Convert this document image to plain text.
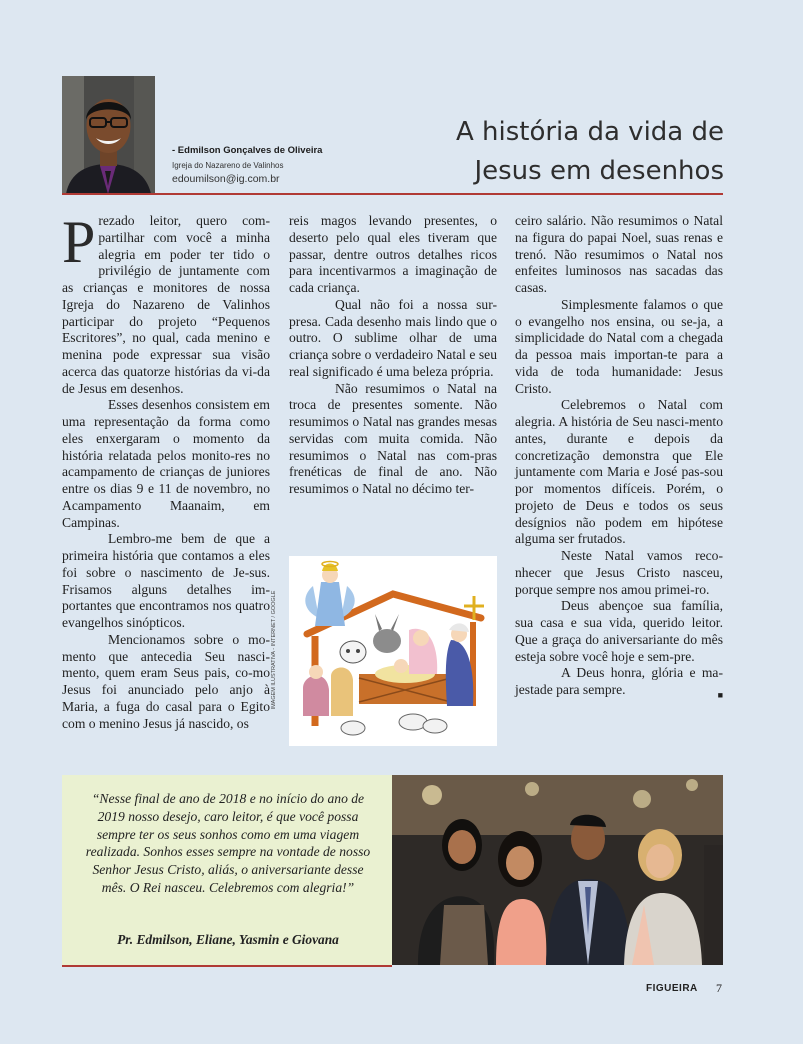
- Edmilson Gonçalves de Oliveira
Igreja do Nazareno de Valinhos
edoumilson@ig.com.br
A história da vida de
Jesus em desenhos

Prezado leitor, quero com-partilhar com você a minha alegria em poder ter tido o privilégio de juntamente com as crianças e monitores de nossa Igreja do Nazareno de Valinhos participar do projeto “Pequenos Escritores”, no qual, cada menino e menina pode expressar sua visão acerca das quatorze histórias da vi-da de Jesus em desenhos.

Esses desenhos consistem em uma representação da forma como eles enxergaram o momento da história relatada pelos monito-res no acampamento de crianças de juniores entre os dias 9 e 11 de novembro, no Acampamento Maanaim, em Campinas.

Lembro-me bem de que a primeira história que contamos a eles foi sobre o nascimento de Je-sus. Frisamos alguns detalhes im-portantes que encontramos nos quatro evangelhos sinópticos.

Mencionamos sobre o mo-mento que antecedia Seu nasci-mento, quem eram Seus pais, co-mo Jesus foi anunciado pelo anjo à Maria, a fuga do casal para o Egito com o menino Jesus já nascido, os

reis magos levando presentes, o deserto pelo qual eles tiveram que passar, dentre outros detalhes ricos para incentivarmos a imaginação de cada criança.

Qual não foi a nossa sur-presa. Cada desenho mais lindo que o outro. O sublime olhar de uma criança sobre o verdadeiro Natal e seu real significado é uma beleza própria.

Não resumimos o Natal na troca de presentes somente. Não resumimos o Natal nas grandes mesas servidas com muita comida. Não resumimos o Natal nas com-pras frenéticas de final de ano. Não resumimos o Natal no décimo ter-

IMAGEM ILUSTRATIVA - INTERNET / GOOGLE

ceiro salário. Não resumimos o Natal na figura do papai Noel, suas renas e trenó. Não resumimos o Natal nos enfeites luminosos nas sacadas das casas.

Simplesmente falamos o que o evangelho nos ensina, ou se-ja, a simplicidade do Natal com a chegada da pessoa mais importan-te para a vida de toda humanidade: Jesus Cristo.

Celebremos o Natal com alegria. A história de Seu nasci-mento antes, durante e depois da concretização demonstra que Ele juntamente com Maria e José pas-sou por momentos difíceis. Porém, o projeto de Deus e todos os seus desígnios não podem em hipótese alguma ser frutados.

Neste Natal vamos reco-nhecer que Jesus Cristo nasceu, porque sempre nos amou primei-ro.

Deus abençoe sua família, sua casa e sua vida, querido leitor. Que a graça do aniversariante do mês esteja sobre você hoje e sem-pre.

A Deus honra, glória e ma-jestade para sempre.	■

“Nesse final de ano de 2018 e no início do ano de 2019 nosso desejo, caro leitor, é que você possa sempre ter os seus sonhos como em uma viagem realizada. Sonhos esses sempre na vontade de nosso Senhor Jesus Cristo, aliás, o aniversariante desse mês. O Rei nasceu. Celebremos com alegria!”
Pr. Edmilson, Eliane, Yasmin e Giovana
FIGUEIRA 7
